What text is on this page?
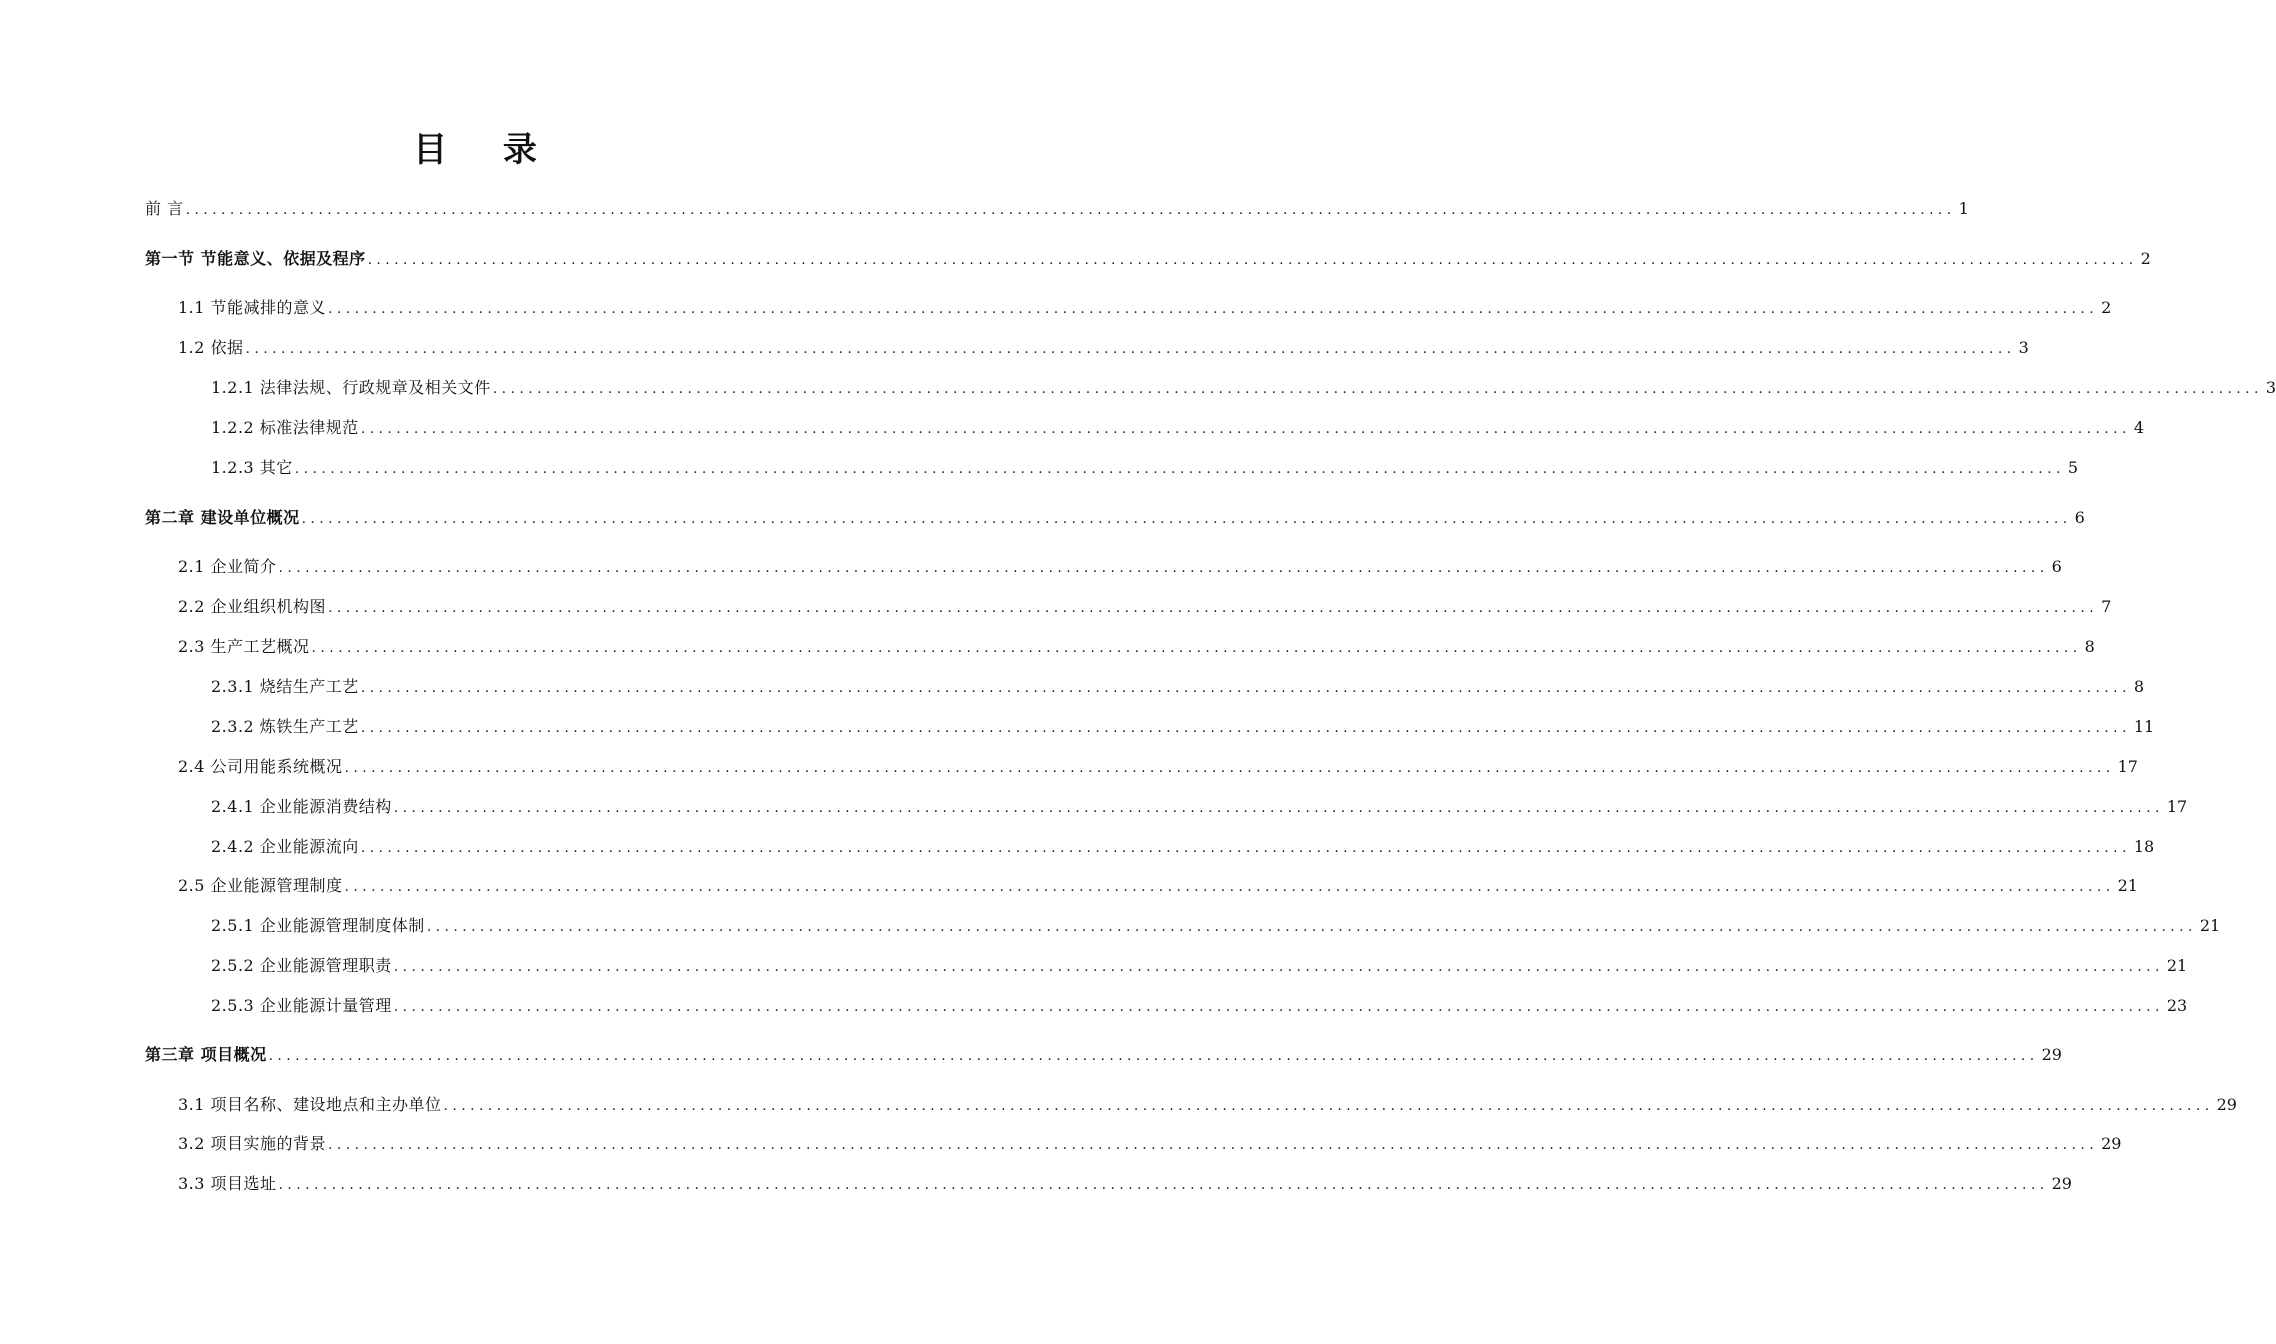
目 录
前 言 ........................................................................................................................................................................................................ 1
第一节 节能意义、依据及程序 ........................................................................................................................................................................................................ 2
1.1 节能减排的意义 ........................................................................................................................................................................................................ 2
1.2 依据 ........................................................................................................................................................................................................ 3
1.2.1 法律法规、行政规章及相关文件 ........................................................................................................................................................................................................ 3
1.2.2 标准法律规范 ........................................................................................................................................................................................................ 4
1.2.3 其它 ........................................................................................................................................................................................................ 5
第二章 建设单位概况 ........................................................................................................................................................................................................ 6
2.1 企业简介 ........................................................................................................................................................................................................ 6
2.2 企业组织机构图 ........................................................................................................................................................................................................ 7
2.3 生产工艺概况 ........................................................................................................................................................................................................ 8
2.3.1 烧结生产工艺 ........................................................................................................................................................................................................ 8
2.3.2 炼铁生产工艺 ........................................................................................................................................................................................................ 11
2.4 公司用能系统概况 ........................................................................................................................................................................................................ 17
2.4.1 企业能源消费结构 ........................................................................................................................................................................................................ 17
2.4.2 企业能源流向 ........................................................................................................................................................................................................ 18
2.5 企业能源管理制度 ........................................................................................................................................................................................................ 21
2.5.1 企业能源管理制度体制 ........................................................................................................................................................................................................ 21
2.5.2 企业能源管理职责 ........................................................................................................................................................................................................ 21
2.5.3 企业能源计量管理 ........................................................................................................................................................................................................ 23
第三章 项目概况 ........................................................................................................................................................................................................ 29
3.1 项目名称、建设地点和主办单位 ........................................................................................................................................................................................................ 29
3.2 项目实施的背景 ........................................................................................................................................................................................................ 29
3.3 项目选址 ........................................................................................................................................................................................................ 29
